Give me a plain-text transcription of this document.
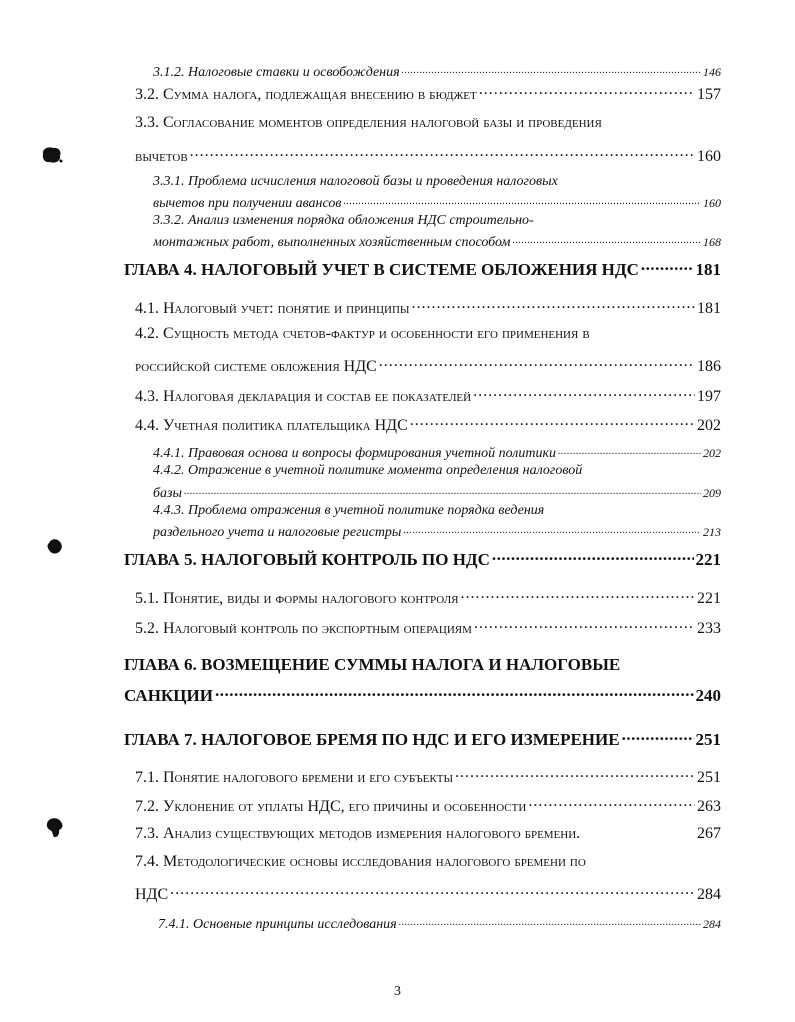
3.1.2. Налоговые ставки и освобождения .....	146
3.2. Сумма налога, подлежащая внесению в бюджет .....	157
3.3. Согласование моментов определения налоговой базы и проведения
вычетов .....	160
3.3.1. Проблема исчисления налоговой базы и проведения налоговых
вычетов при получении авансов .....	160
3.3.2. Анализ изменения порядка обложения НДС строительно-
монтажных работ, выполненных хозяйственным способом .....	168
ГЛАВА 4. НАЛОГОВЫЙ УЧЕТ В СИСТЕМЕ ОБЛОЖЕНИЯ НДС .....	181
4.1. Налоговый учет: понятие и принципы .....	181
4.2. Сущность метода счетов-фактур и особенности его применения в
российской системе обложения НДС .....	186
4.3. Налоговая декларация и состав ее показателей .....	197
4.4. Учетная политика плательщика НДС .....	202
4.4.1. Правовая основа и вопросы формирования учетной политики .....	202
4.4.2. Отражение в учетной политике момента определения налоговой
базы .....	209
4.4.3. Проблема отражения в учетной политике порядка ведения
раздельного учета и налоговые регистры .....	213
ГЛАВА 5. НАЛОГОВЫЙ КОНТРОЛЬ ПО НДС .....	221
5.1. Понятие, виды и формы налогового контроля .....	221
5.2. Налоговый контроль по экспортным операциям .....	233
ГЛАВА 6. ВОЗМЕЩЕНИЕ СУММЫ НАЛОГА И НАЛОГОВЫЕ
САНКЦИИ .....	240
ГЛАВА 7. НАЛОГОВОЕ БРЕМЯ ПО НДС И ЕГО ИЗМЕРЕНИЕ .....	251
7.1. Понятие налогового бремени и его субъекты .....	251
7.2. Уклонение от уплаты НДС, его причины и особенности .....	263
7.3. Анализ существующих методов измерения налогового бремени.	267
7.4. Методологические основы исследования налогового бремени по
НДС .....	284
7.4.1. Основные принципы исследования .....	284
3
